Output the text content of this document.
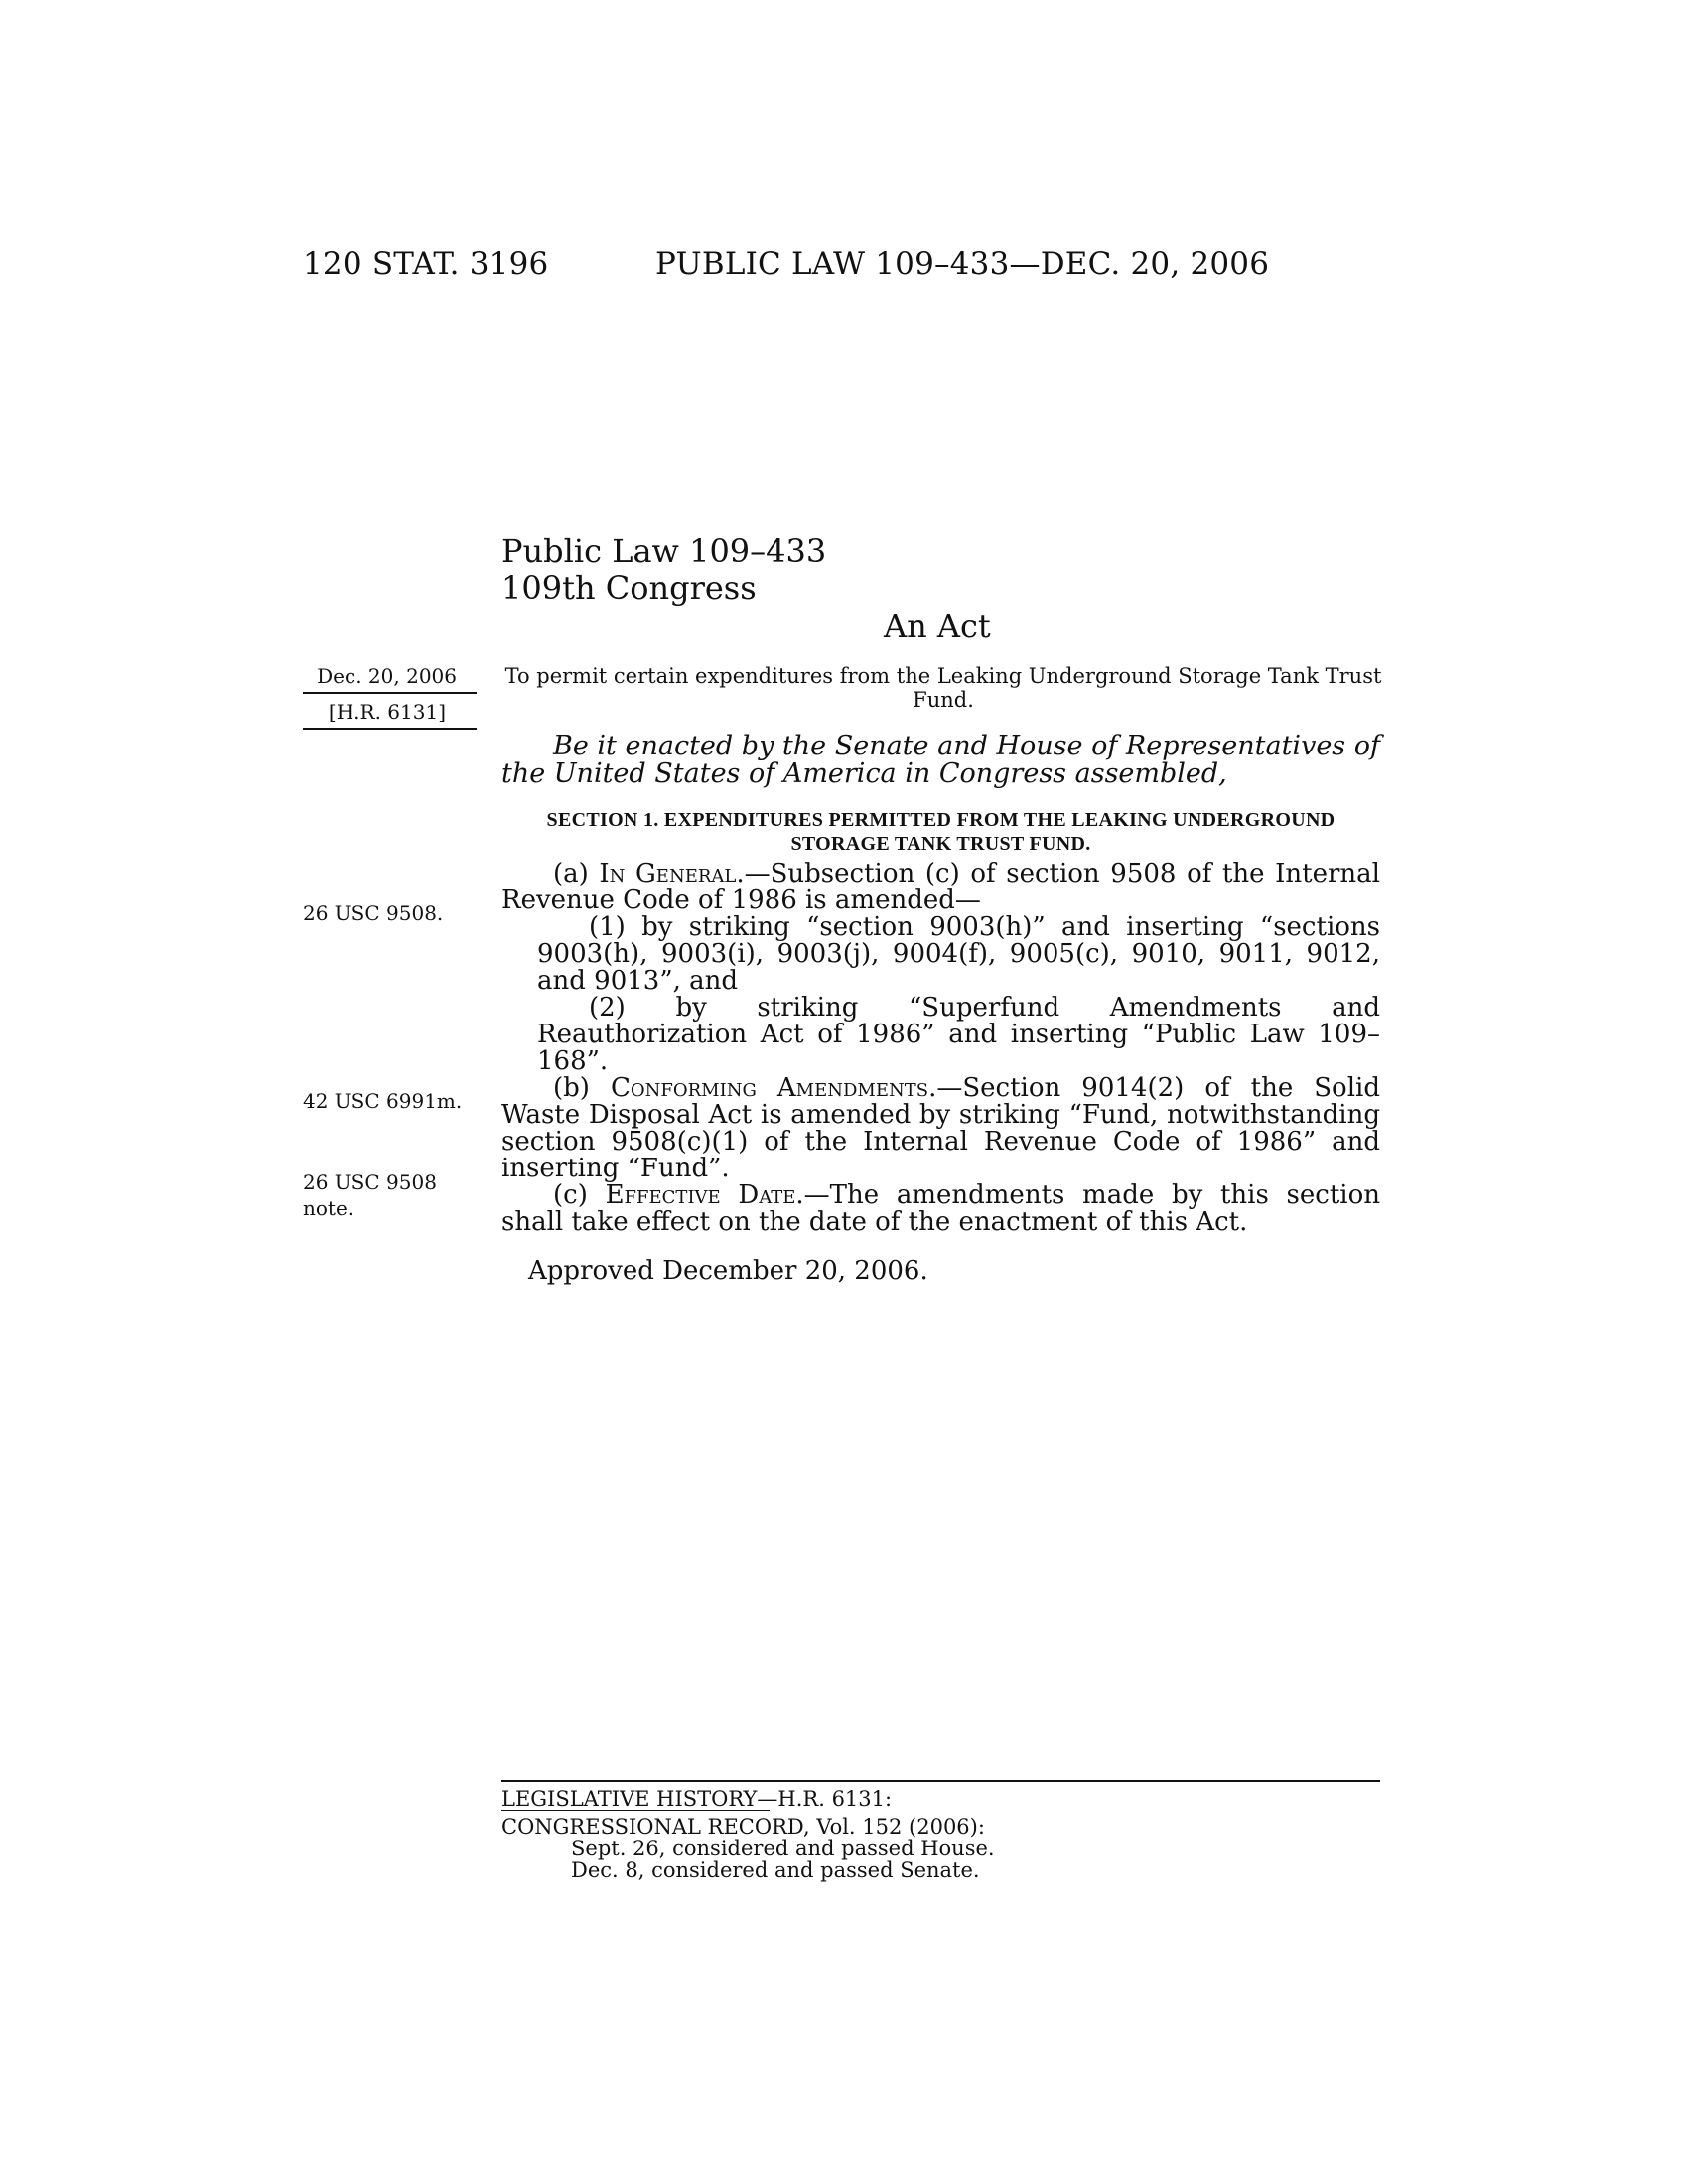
120 STAT. 3196	PUBLIC LAW 109–433—DEC. 20, 2006
Public Law 109–433
109th Congress
An Act
Dec. 20, 2006
[H.R. 6131]
To permit certain expenditures from the Leaking Underground Storage Tank Trust Fund.
Be it enacted by the Senate and House of Representatives of the United States of America in Congress assembled,
SECTION 1. EXPENDITURES PERMITTED FROM THE LEAKING UNDERGROUND STORAGE TANK TRUST FUND.
(a) In General.—Subsection (c) of section 9508 of the Internal Revenue Code of 1986 is amended—
(1) by striking “section 9003(h)” and inserting “sections 9003(h), 9003(i), 9003(j), 9004(f), 9005(c), 9010, 9011, 9012, and 9013”, and
(2) by striking “Superfund Amendments and Reauthorization Act of 1986” and inserting “Public Law 109–168”.
(b) Conforming Amendments.—Section 9014(2) of the Solid Waste Disposal Act is amended by striking “Fund, notwithstanding section 9508(c)(1) of the Internal Revenue Code of 1986” and inserting “Fund”.
(c) Effective Date.—The amendments made by this section shall take effect on the date of the enactment of this Act.
26 USC 9508.
42 USC 6991m.
26 USC 9508
note.
Approved December 20, 2006.
LEGISLATIVE HISTORY—H.R. 6131:
CONGRESSIONAL RECORD, Vol. 152 (2006):
Sept. 26, considered and passed House.
Dec. 8, considered and passed Senate.
